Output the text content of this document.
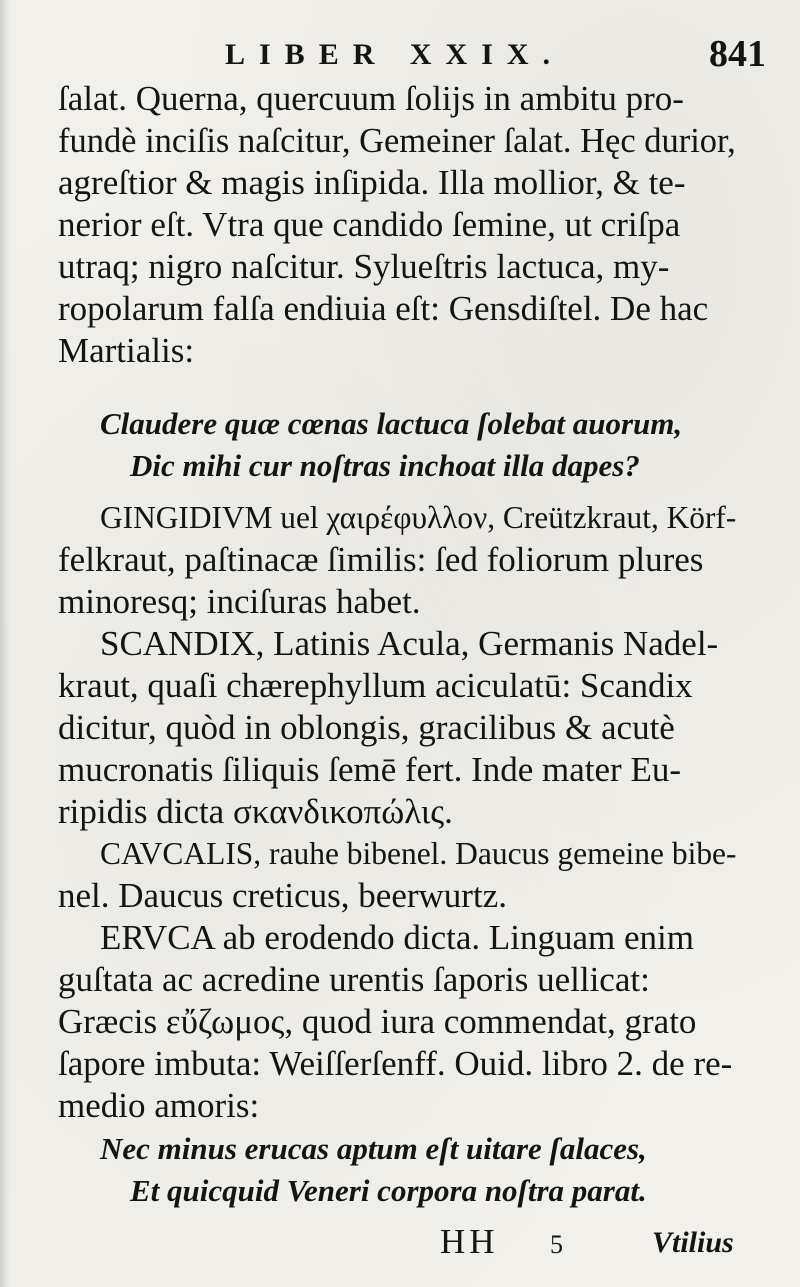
LIBER XXIX.	841
ſalat. Querna, quercuum ſolijs in ambitu pro-
fundè inciſis naſcitur, Gemeiner ſalat. Hęc durior,
agreſtior & magis inſipida. Illa mollior, & te-
nerior eſt. Vtra que candido ſemine, ut criſpa
utraq; nigro naſcitur. Sylueſtris lactuca, my-
ropolarum falſa endiuia eſt: Gensdiſtel. De hac
Martialis:
Claudere quæ cœnas lactuca ſolebat auorum,
Dic mihi cur noſtras inchoat illa dapes?
GINGIDIVM uel χαιρέφυλλον, Creützkraut, Körf-
felkraut, paſtinacæ ſimilis: ſed foliorum plures
minoresq; inciſuras habet.
SCANDIX, Latinis Acula, Germanis Nadel-
kraut, quaſi chærephyllum aciculatū: Scandix
dicitur, quòd in oblongis, gracilibus & acutè
mucronatis ſiliquis ſemē fert. Inde mater Eu-
ripidis dicta σκανδικοπώλις.
CAVCALIS, rauhe bibenel. Daucus gemeine bibe-
nel. Daucus creticus, beerwurtz.
ERVCA ab erodendo dicta. Linguam enim
guſtata ac acredine urentis ſaporis uellicat:
Græcis εὔζωμος, quod iura commendat, grato
ſapore imbuta: Weiſſerſenff. Ouid. libro 2. de re-
medio amoris:
Nec minus erucas aptum eſt uitare ſalaces,
Et quicquid Veneri corpora noſtra parat.
HH 5	Vtilius
